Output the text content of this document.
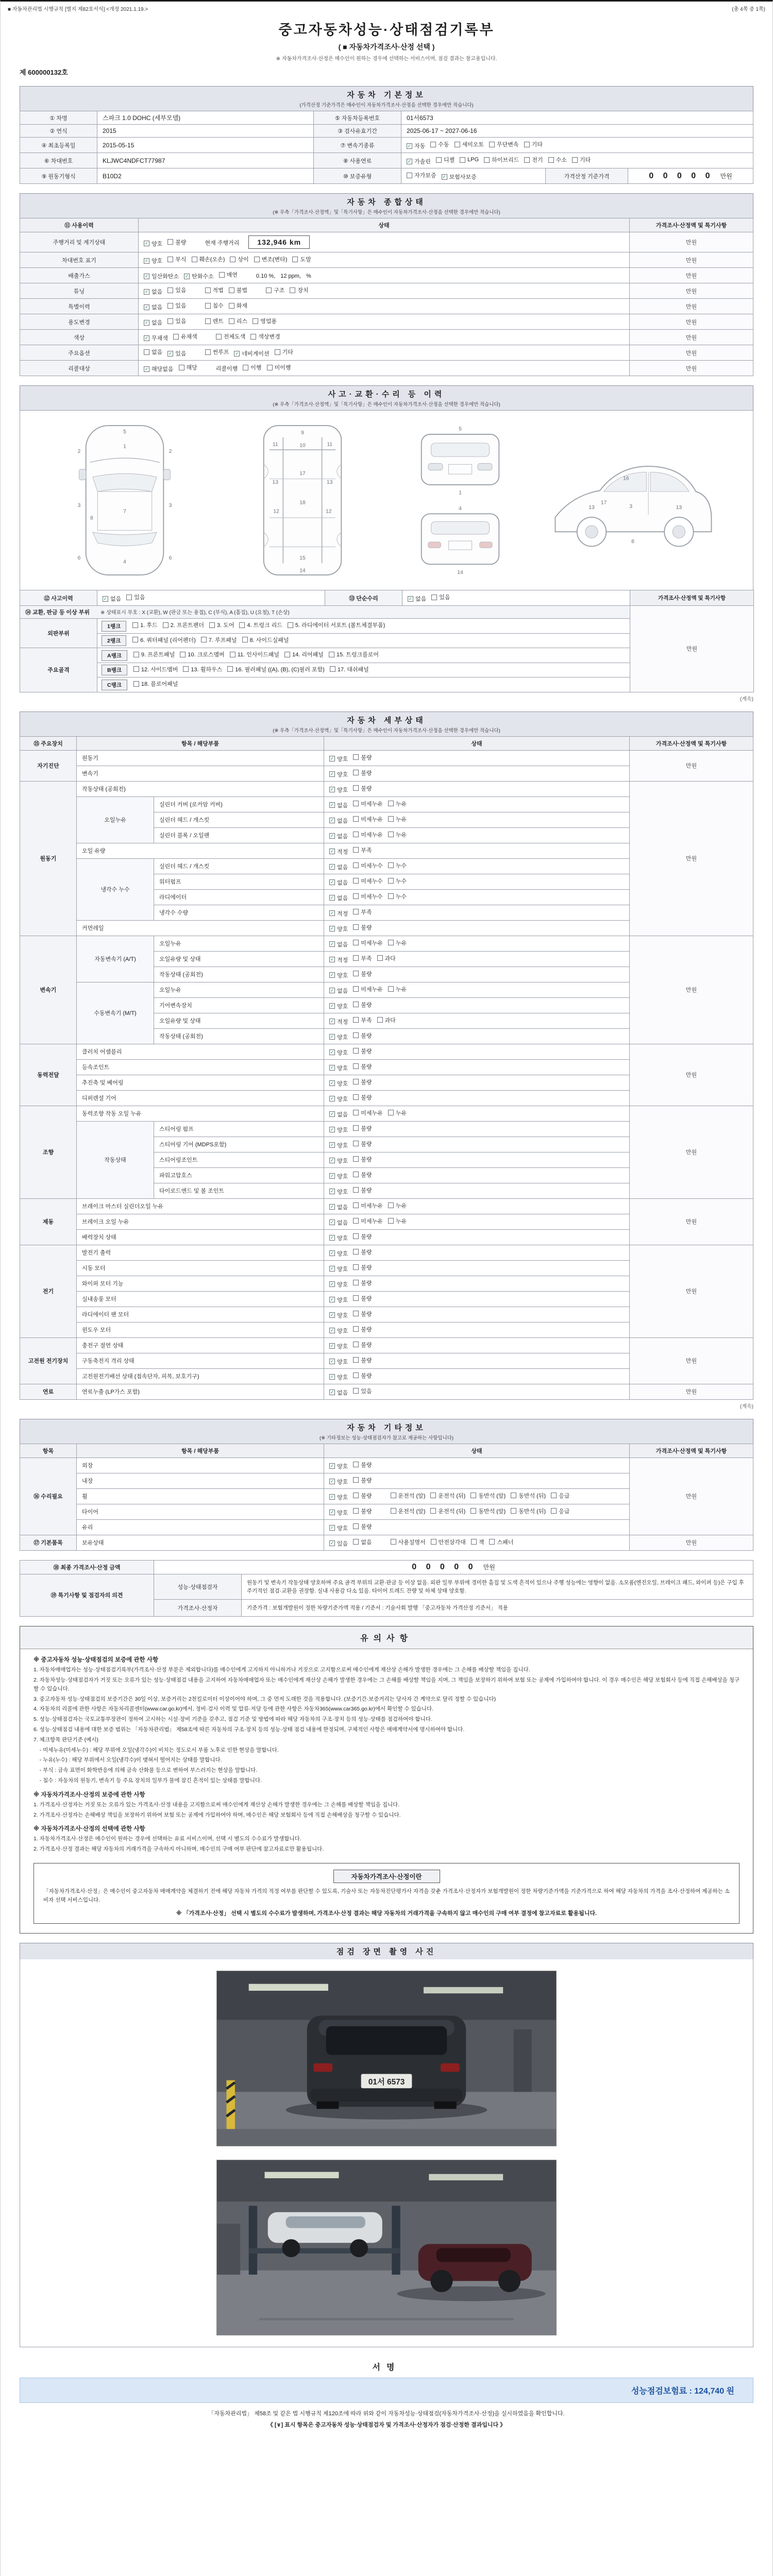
■ 자동차관리법 시행규칙 [별지 제82호서식] <개정 2021.1.19.>	(총 4쪽 중 1쪽)
중고자동차성능·상태점검기록부
( ■ 자동차가격조사·산정 선택 )
※ 자동차가격조사·산정은 매수인이 원하는 경우에 선택하는 서비스이며, 점검 결과는 참고용입니다.
제 600000132호
자동차 기본정보
(가격산정 기준가격은 매수인이 자동차가격조사·산정을 선택한 경우에만 적습니다)
① 차명	스파크 1.0 DOHC (세부모델)	⑤ 자동차등록번호	01서6573		
② 연식	2015	③ 검사유효기간	2025-06-17 ~ 2027-06-16		
④ 최초등록일	2015-05-15	⑦ 변속기종류	✓ 자동 수동 세미오토 무단변속 기타

⑥ 차대번호	KLJWC4NDFCT77987	⑧ 사용연료	✓ 가솔린 디젤 LPG 하이브리드 전기 수소 기타

⑨ 원동기형식	B10D2	⑩ 보증유형	자가보증 ✓ 보험사보증	가격산정 기준가격	0 0 0 0 0 만원
자동차 종합상태
(※ 우측「가격조사·산정액」및「특기사항」은 매수인이 자동차가격조사·산정을 선택한 경우에만 적습니다)
⑪ 사용이력	상태	가격조사·산정액 및 특기사항
주행거리 및 계기상태	✓ 양호 불량 현재 주행거리 132,946 km	만원
차대번호 표기	✓ 양호 부식 훼손(오손) 상이 변조(변타) 도말	만원
배출가스	✓ 일산화탄소 ✓ 탄화수소 매연	0.10 %, 12 ppm, %	만원
튜닝	✓ 없음 있음	적법 불법	구조 장치	만원
특별이력	✓ 없음 있음 침수 화재	만원
용도변경	✓ 없음 있음	렌트 리스 영업용	만원
색상	✓ 무채색 유채색 전체도색 색상변경	만원
주요옵션	없음 ✓ 있음	썬루프 ✓ 네비게이션 기타	만원
리콜대상	✓ 해당없음 해당	리콜이행 이행 미이행	만원
사고·교환·수리 등 이력
(※ 우측「가격조사·산정액」및「특기사항」은 매수인이 자동차가격조사·산정을 선택한 경우에만 적습니다)
5
1
2	2
3	3
7
6	6
4
8
9
10
11	11
13	13
12	12
17
18
15
14
5
1
4
14
16
17
3
8
13	13
⑫ 사고이력	✓ 없음 있음	⑬ 단순수리	✓ 없음 있음	가격조사·산정액 및 특기사항
⑭ 교환, 판금 등 이상 부위 ※ 상태표시 부호 : X (교환), W (판금 또는 용접), C (부식), A (흠집), U (요철), T (손상)				만원
외판부위	1랭크	1. 후드 2. 프론트펜더 3. 도어 4. 트렁크 리드 5. 라디에이터 서포트 (볼트체결부품)

	2랭크 6. 쿼터패널 (리어펜더) 7. 루프패널 8. 사이드실패널			

주요골격	A랭크	9. 프론트패널 10. 크로스멤버 11. 인사이드패널 14. 리어패널 15. 트렁크플로어

	B랭크 12. 사이드멤버 13. 휠하우스 16. 필러패널 ((A), (B), (C)필러 포함) 17. 대쉬패널			

	C랭크 18. 플로어패널			
(계속)
자동차 세부상태
(※ 우측「가격조사·산정액」및「특기사항」은 매수인이 자동차가격조사·산정을 선택한 경우에만 적습니다)
⑮ 주요장치	항목 / 해당부품		상태	가격조사·산정액 및 특기사항
자기진단	원동기		✓ 양호 불량	만원
	변속기		✓ 양호 불량	

원동기	작동상태 (공회전)		✓ 양호 불량	만원
	오일누유	실린더 커버 (로커암 커버)	✓ 없음 미세누유 누유	

		실린더 헤드 / 개스킷	✓ 없음 미세누유 누유	

		실린더 블록 / 오일팬	✓ 없음 미세누유 누유	

	오일 유량		✓ 적정 부족	

	냉각수 누수	실린더 헤드 / 개스킷	✓ 없음 미세누수 누수	

		워터펌프	✓ 없음 미세누수 누수	

		라디에이터	✓ 없음 미세누수 누수	

		냉각수 수량	✓ 적정 부족	

	커먼레일		✓ 양호 불량	

변속기	자동변속기 (A/T)	오일누유	✓ 없음 미세누유 누유	만원
		오일유량 및 상태	✓ 적정 부족 과다	

		작동상태 (공회전)	✓ 양호 불량	

	수동변속기 (M/T)	오일누유	✓ 없음 미세누유 누유	

		기어변속장치	✓ 양호 불량	

		오일유량 및 상태	✓ 적정 부족 과다	

		작동상태 (공회전)	✓ 양호 불량	

동력전달	클러치 어셈블리		✓ 양호 불량	만원
	등속조인트		✓ 양호 불량	

	추진축 및 베어링		✓ 양호 불량	

	디퍼렌셜 기어		✓ 양호 불량	

조향	동력조향 작동 오일 누유		✓ 없음 미세누유 누유	만원
	작동상태	스티어링 펌프	✓ 양호 불량	

		스티어링 기어 (MDPS포함)	✓ 양호 불량	

		스티어링조인트	✓ 양호 불량	

		파워고압호스	✓ 양호 불량	

		타이로드엔드 및 볼 조인트	✓ 양호 불량	

제동	브레이크 마스터 실린더오일 누유		✓ 없음 미세누유 누유	만원
	브레이크 오일 누유		✓ 없음 미세누유 누유	

	배력장치 상태		✓ 양호 불량	

전기	발전기 출력		✓ 양호 불량	만원
	시동 모터		✓ 양호 불량	

	와이퍼 모터 기능		✓ 양호 불량	

	실내송풍 모터		✓ 양호 불량	

	라디에이터 팬 모터		✓ 양호 불량	

	윈도우 모터		✓ 양호 불량	

고전원 전기장치	충전구 절연 상태		✓ 양호 불량	만원
	구동축전지 격리 상태		✓ 양호 불량	

	고전원전기배선 상태 (접속단자, 피복, 보호기구)		✓ 양호 불량	

연료	연료누출 (LP가스 포함)		✓ 없음 있음	만원
(계속)
자동차 기타정보
(※ 기타정보는 성능·상태점검자가 참고로 제공하는 사항입니다)
항목	항목 / 해당부품	상태	가격조사·산정액 및 특기사항
⑯ 수리필요	외장	✓ 양호 불량	만원
	내장	✓ 양호 불량	

휠	✓ 양호 불량	운전석 (앞) 운전석 (뒤) 동반석 (앞) 동반석 (뒤) 응급

타이어	✓ 양호 불량	운전석 (앞) 운전석 (뒤) 동반석 (앞) 동반석 (뒤) 응급

	유리	✓ 양호 불량	

⑰ 기본품목	보유상태	✓ 있음 없음	사용설명서 안전삼각대 잭 스패너	만원
⑱ 최종 가격조사·산정 금액	0 0 0 0 0 만원	
⑲ 특기사항 및 점검자의 의견	성능·상태점검자	원동기 및 변속기 작동상태 양호하며 주요 골격 부위의 교환·판금 등 이상 없음. 외판 일부 부위에 경미한 흠집 및 도색 흔적이 있으나 주행 성능에는 영향이 없음. 소모품(엔진오일, 브레이크 패드, 와이퍼 등)은 구입 후 주기적인 점검·교환을 권장함. 실내 사용감 다소 있음. 타이어 트레드 잔량 및 하체 상태 양호함.
	가격조사·산정자	기준가격 : 보험개발원이 정한 차량기준가액 적용 / 기준서 : 기술사회 발행 「중고자동차 가격산정 기준서」 적용
유의사항
※ 중고자동차 성능·상태점검의 보증에 관한 사항
1. 자동차매매업자는 성능·상태점검기록부(가격조사·산정 부분은 제외합니다)를 매수인에게 고지하지 아니하거나 거짓으로 고지함으로써 매수인에게 재산상 손해가 발생한 경우에는 그 손해를 배상할 책임을 집니다.
2. 자동차성능·상태점검자가 거짓 또는 오류가 있는 성능·상태점검 내용을 고지하여 자동차매매업자 또는 매수인에게 재산상 손해가 발생한 경우에는 그 손해를 배상할 책임을 지며, 그 책임을 보장하기 위하여 보험 또는 공제에 가입하여야 합니다. 이 경우 매수인은 해당 보험회사 등에 직접 손해배상을 청구할 수 있습니다.
3. 중고자동차 성능·상태점검의 보증기간은 30일 이상, 보증거리는 2천킬로미터 이상이어야 하며, 그 중 먼저 도래한 것을 적용합니다. (보증기간·보증거리는 당사자 간 계약으로 달리 정할 수 있습니다)
4. 자동차의 리콜에 관한 사항은 자동차리콜센터(www.car.go.kr)에서, 정비·검사 이력 및 압류·저당 등에 관한 사항은 자동차365(www.car365.go.kr)에서 확인할 수 있습니다.
5. 성능·상태점검자는 국토교통부장관이 정하여 고시하는 시설·장비 기준을 갖추고, 점검 기준 및 방법에 따라 해당 자동차의 구조·장치 등의 성능·상태를 점검하여야 합니다.
6. 성능·상태점검 내용에 대한 보증 범위는 「자동차관리법」 제58조에 따른 자동차의 구조·장치 등의 성능·상태 점검 내용에 한정되며, 구체적인 사항은 매매계약서에 명시하여야 합니다.
7. 체크항목 판단기준 (예시)
- 미세누유(미세누수) : 해당 부위에 오일(냉각수)이 비치는 정도로서 부품 노후로 인한 현상을 말합니다.
- 누유(누수) : 해당 부위에서 오일(냉각수)이 맺혀서 떨어지는 상태를 말합니다.
- 부식 : 금속 표면이 화학반응에 의해 금속 산화물 등으로 변하여 부스러지는 현상을 말합니다.
- 침수 : 자동차의 원동기, 변속기 등 주요 장치의 일부가 물에 잠긴 흔적이 있는 상태를 말합니다.
※ 자동차가격조사·산정의 보증에 관한 사항
1. 가격조사·산정자는 거짓 또는 오류가 있는 가격조사·산정 내용을 고지함으로써 매수인에게 재산상 손해가 발생한 경우에는 그 손해를 배상할 책임을 집니다.
2. 가격조사·산정자는 손해배상 책임을 보장하기 위하여 보험 또는 공제에 가입하여야 하며, 매수인은 해당 보험회사 등에 직접 손해배상을 청구할 수 있습니다.
※ 자동차가격조사·산정의 선택에 관한 사항
1. 자동차가격조사·산정은 매수인이 원하는 경우에 선택하는 유료 서비스이며, 선택 시 별도의 수수료가 발생합니다.
2. 가격조사·산정 결과는 해당 자동차의 거래가격을 구속하지 아니하며, 매수인의 구매 여부 판단에 참고자료로만 활용됩니다.
자동차가격조사·산정이란
「자동차가격조사·산정」은 매수인이 중고자동차 매매계약을 체결하기 전에 해당 자동차 가격의 적정 여부를 판단할 수 있도록, 기술사 또는 자동차진단평가사 자격을 갖춘 가격조사·산정자가 보험개발원이 정한 차량기준가액을 기준가격으로 하여 해당 자동차의 가격을 조사·산정하여 제공하는 소비자 선택 서비스입니다.
※ 「가격조사·산정」 선택 시 별도의 수수료가 발생하며, 가격조사·산정 결과는 해당 자동차의 거래가격을 구속하지 않고 매수인의 구매 여부 결정에 참고자료로 활용됩니다.
점검 장면 촬영 사진
01서 6573
서명
성능점검보험료 : 124,740 원
「자동차관리법」 제58조 및 같은 법 시행규칙 제120조에 따라 위와 같이 자동차성능·상태점검(자동차가격조사·산정)을 실시하였음을 확인합니다.
《 [∨] 표시 항목은 중고자동차 성능·상태점검자 및 가격조사·산정자가 점검·산정한 결과입니다 》
